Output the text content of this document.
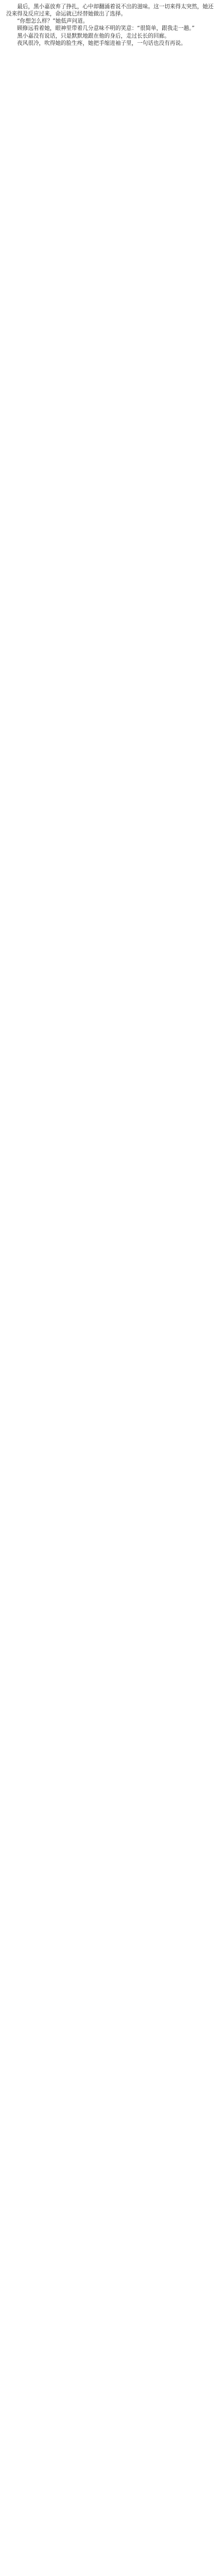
最后，黑小嘉放弃了挣扎，心中却翻涌着说不出的滋味。这一切来得太突然，她还没来得及反应过来，命运就已经替她做出了选择。

“你想怎么样？”她低声问道。

顾修远看着她，眼神里带着几分意味不明的笑意：“很简单，跟我走一趟。”

黑小嘉没有说话，只是默默地跟在他的身后，走过长长的回廊。

夜风很冷，吹得她的脸生疼，她把手缩进袖子里，一句话也没有再说。
